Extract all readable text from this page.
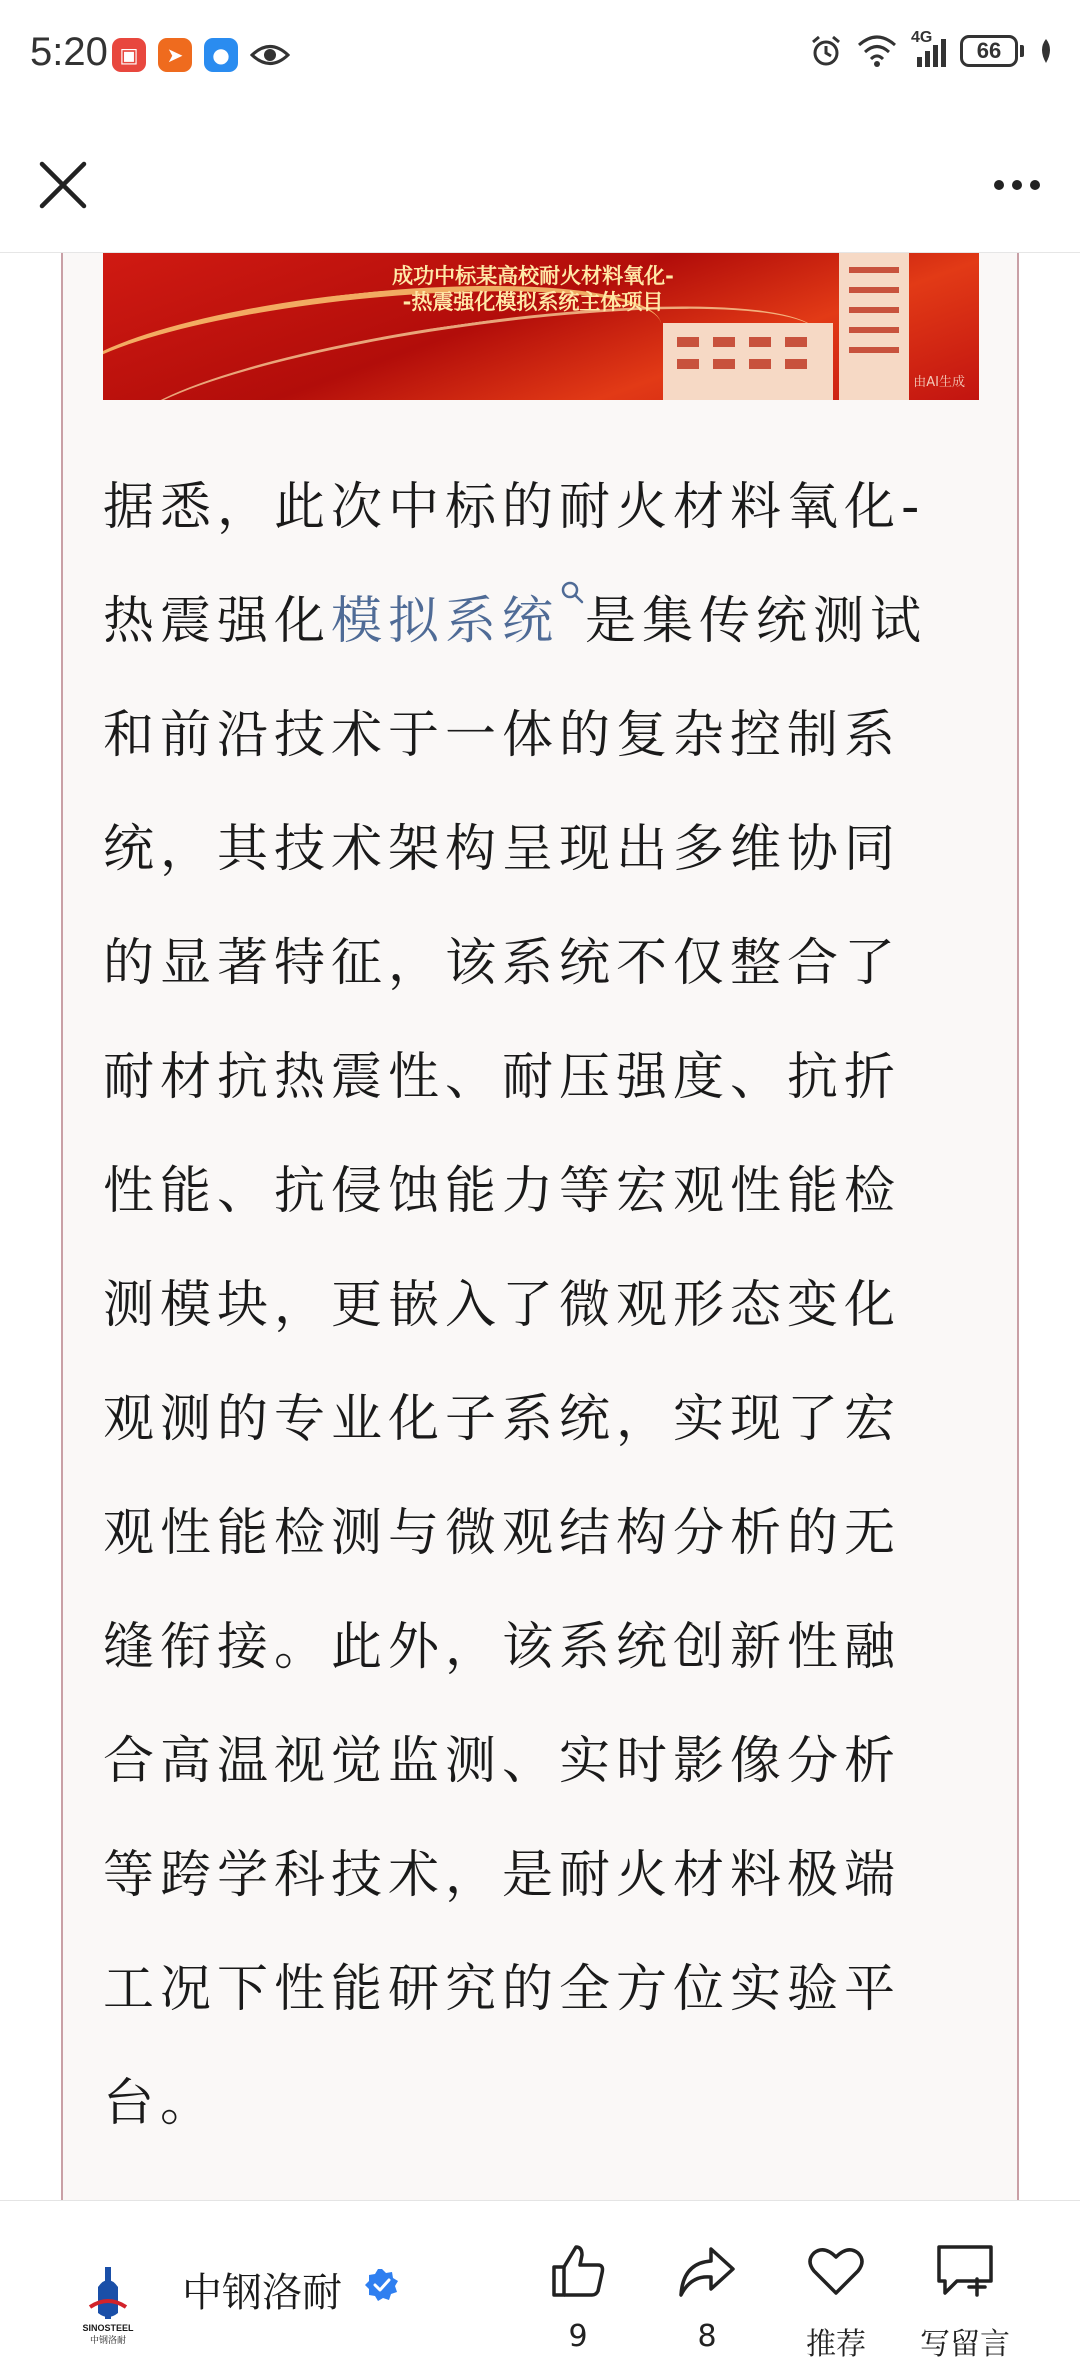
5:20 ▣	➤	●
4G
66
成功中标某高校耐火材料氧化-
-热震强化模拟系统主体项目
由AI生成
据悉，此次中标的耐火材料氧化-
热震强化模拟系统 是集传统测试
和前沿技术于一体的复杂控制系
统，其技术架构呈现出多维协同
的显著特征，该系统不仅整合了
耐材抗热震性、耐压强度、抗折
性能、抗侵蚀能力等宏观性能检
测模块，更嵌入了微观形态变化
观测的专业化子系统，实现了宏
观性能检测与微观结构分析的无
缝衔接。此外，该系统创新性融
合高温视觉监测、实时影像分析
等跨学科技术，是耐火材料极端
工况下性能研究的全方位实验平
台。
SINOSTEEL
中钢洛耐
中钢洛耐
9	8	推荐	写留言
